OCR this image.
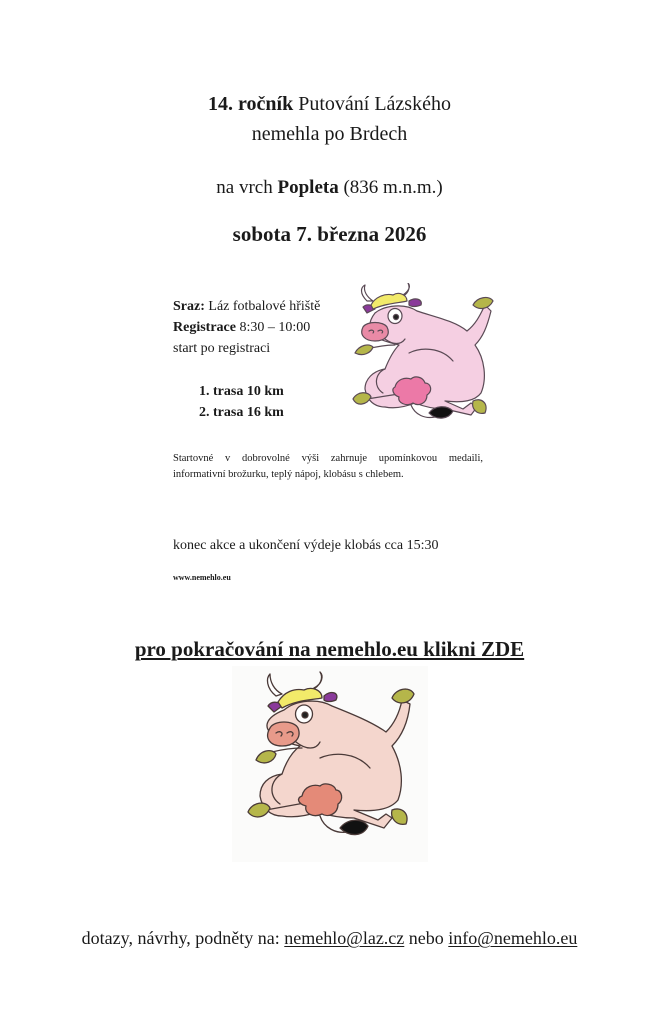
14. ročník Putování Lázského
nemehla po Brdech
na vrch Popleta (836 m.n.m.)
sobota 7. března 2026
Sraz: Láz fotbalové hřiště
Registrace 8:30 – 10:00
start po registraci
1. trasa 10 km
2. trasa 16 km
Startovné v dobrovolné výši zahrnuje upomínkovou medaili, informativní brožurku, teplý nápoj, klobásu s chlebem.
konec akce a ukončení výdeje klobás cca 15:30
www.nemehlo.eu
pro pokračování na nemehlo.eu klikni ZDE
dotazy, návrhy, podněty na: nemehlo@laz.cz nebo info@nemehlo.eu
